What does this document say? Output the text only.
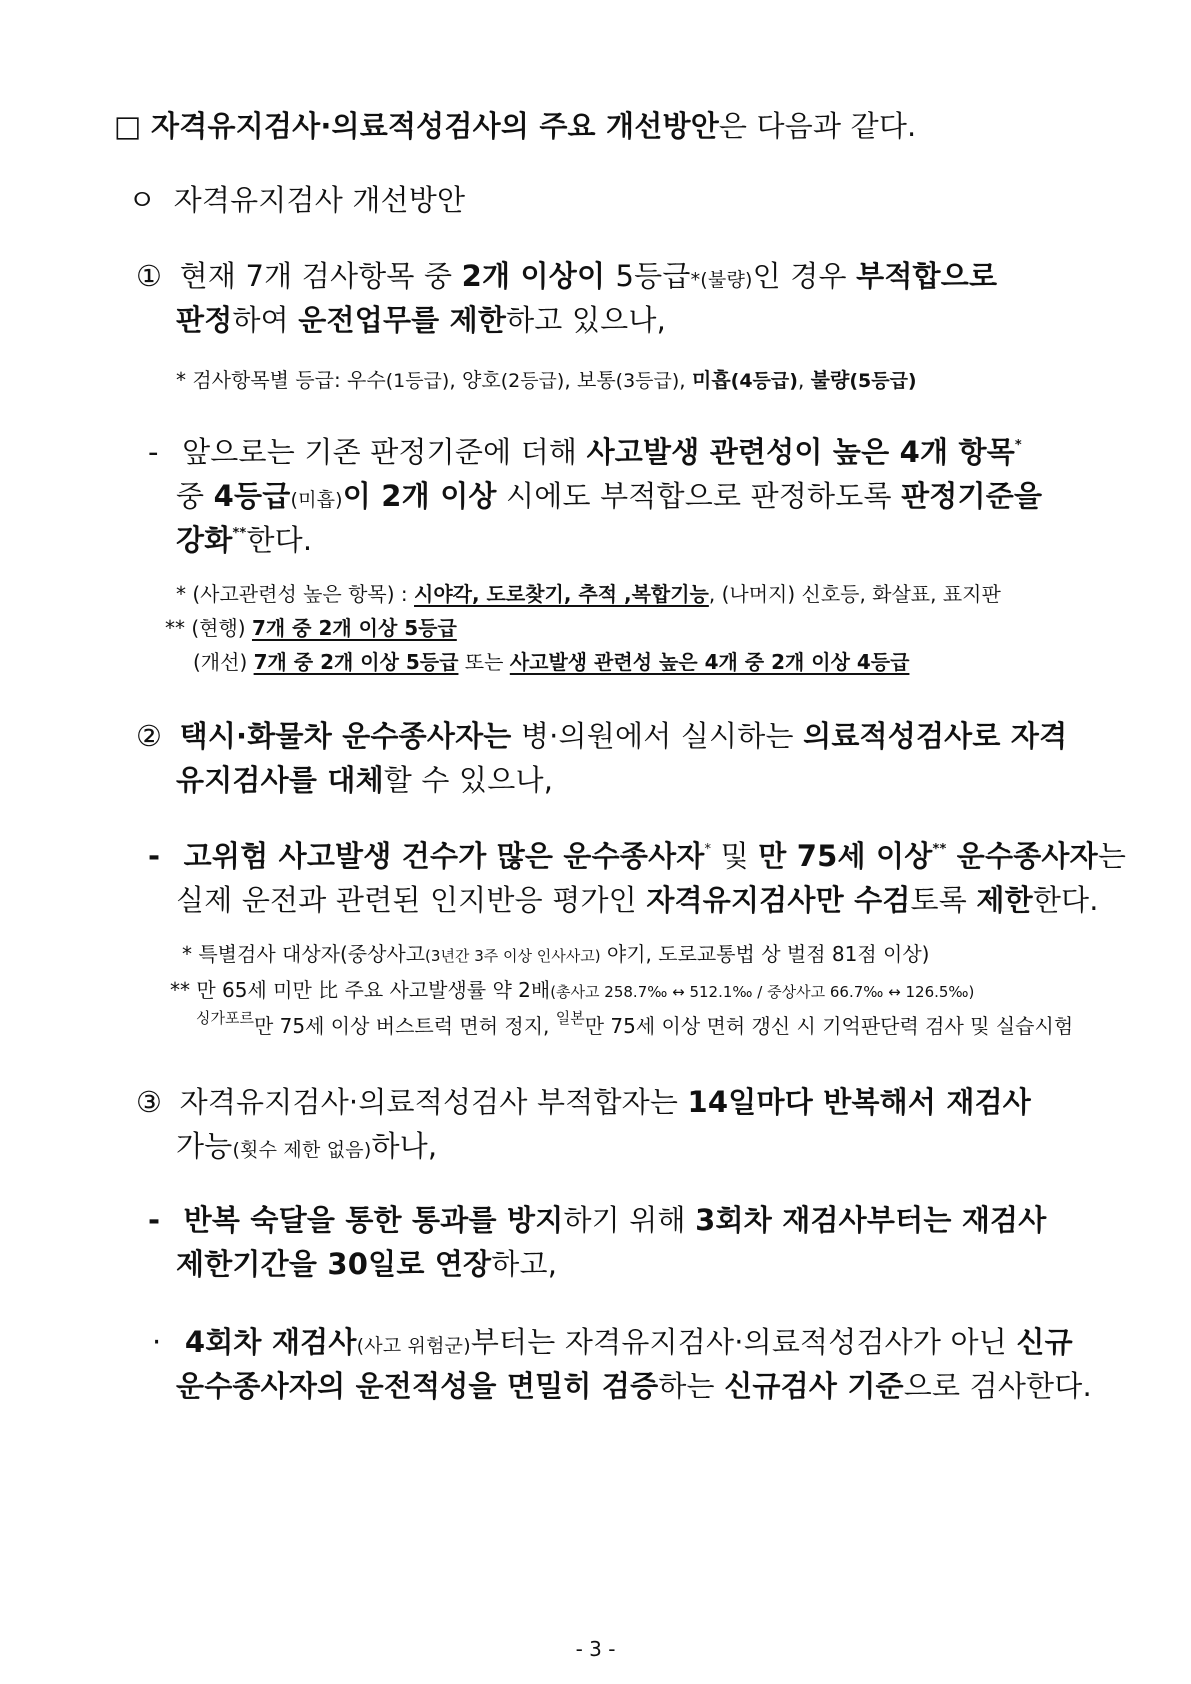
□ 자격유지검사·의료적성검사의 주요 개선방안은 다음과 같다.
ㅇ 자격유지검사 개선방안
① 현재 7개 검사항목 중 2개 이상이 5등급*(불량)인 경우 부적합으로
판정하여 운전업무를 제한하고 있으나,
* 검사항목별 등급: 우수(1등급), 양호(2등급), 보통(3등급), 미흡(4등급), 불량(5등급)
- 앞으로는 기존 판정기준에 더해 사고발생 관련성이 높은 4개 항목*
중 4등급(미흡)이 2개 이상 시에도 부적합으로 판정하도록 판정기준을
강화**한다.
* (사고관련성 높은 항목) : 시야각, 도로찾기, 추적 ,복합기능, (나머지) 신호등, 화살표, 표지판
** (현행) 7개 중 2개 이상 5등급
(개선) 7개 중 2개 이상 5등급 또는 사고발생 관련성 높은 4개 중 2개 이상 4등급
② 택시·화물차 운수종사자는 병·의원에서 실시하는 의료적성검사로 자격
유지검사를 대체할 수 있으나,
- 고위험 사고발생 건수가 많은 운수종사자* 및 만 75세 이상** 운수종사자는
실제 운전과 관련된 인지반응 평가인 자격유지검사만 수검토록 제한한다.
* 특별검사 대상자(중상사고(3년간 3주 이상 인사사고) 야기, 도로교통법 상 벌점 81점 이상)
** 만 65세 미만 比 주요 사고발생률 약 2배(총사고 258.7‰ ↔ 512.1‰ / 중상사고 66.7‰ ↔ 126.5‰)
$^{싱가포르}$만 75세 이상 버스트럭 면허 정지, $^{일본}$만 75세 이상 면허 갱신 시 기억판단력 검사 및 실습시험
③ 자격유지검사·의료적성검사 부적합자는 14일마다 반복해서 재검사
가능(횟수 제한 없음)하나,
- 반복 숙달을 통한 통과를 방지하기 위해 3회차 재검사부터는 재검사
제한기간을 30일로 연장하고,
· 4회차 재검사(사고 위험군)부터는 자격유지검사·의료적성검사가 아닌 신규
운수종사자의 운전적성을 면밀히 검증하는 신규검사 기준으로 검사한다.
- 3 -
